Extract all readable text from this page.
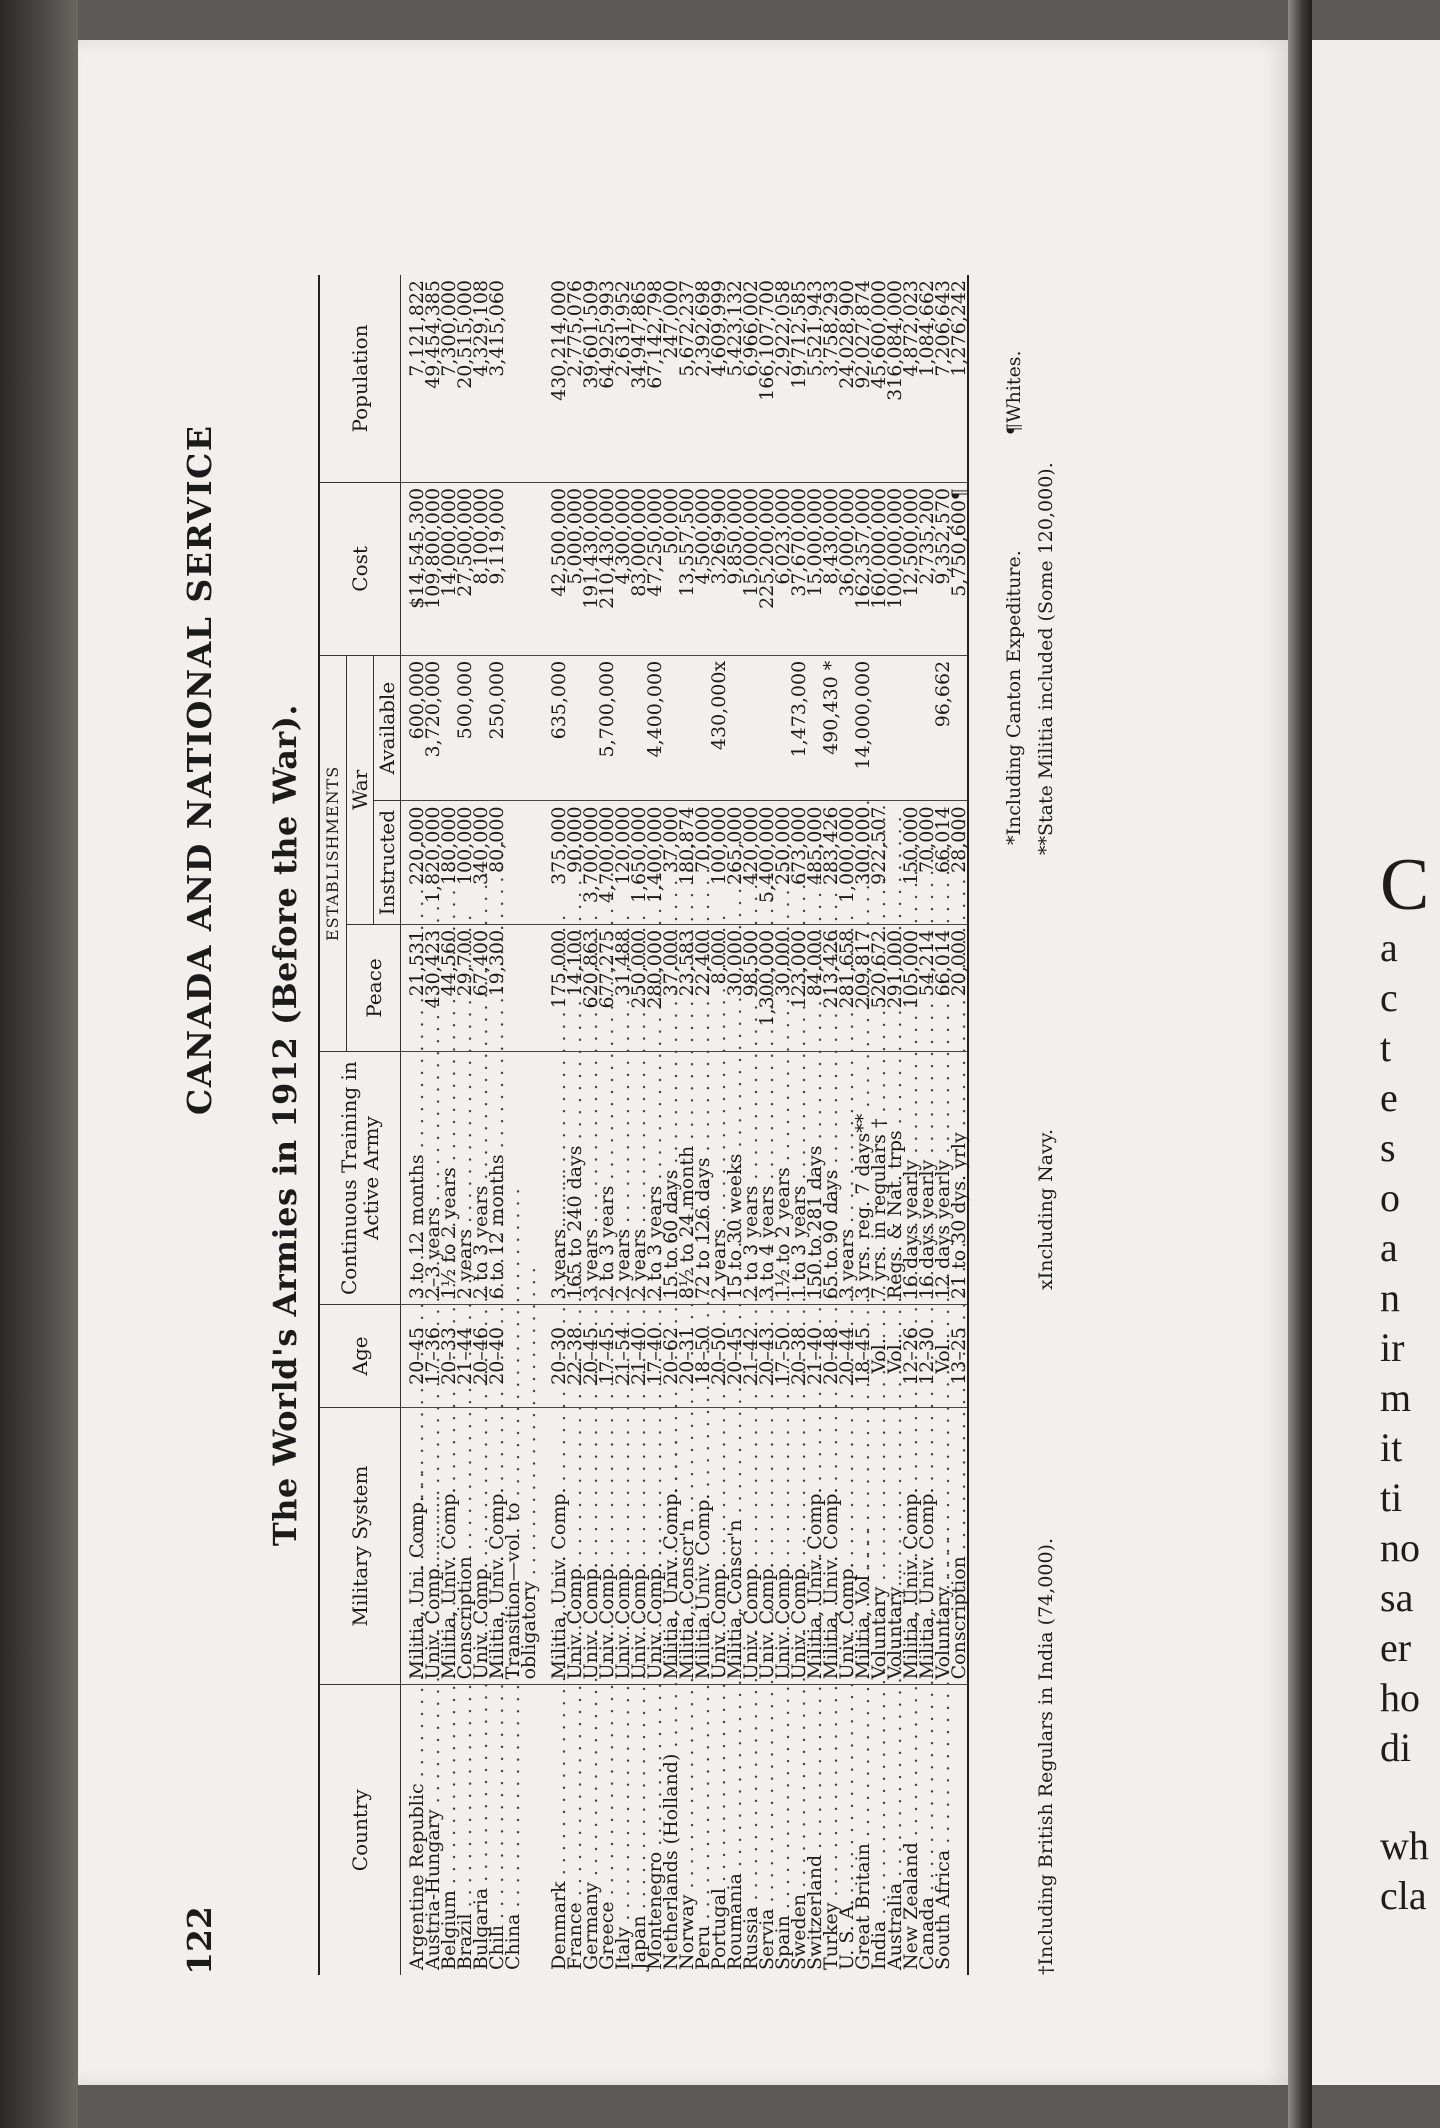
C
a
c
t
e
s
o
a
n
ir
m
it
ti
no
sa
er
ho
di
wh
cla
122
CANADA AND NATIONAL SERVICE	The World's Armies in 1912 (Before the War).
Country	Military System	Age	Continuous Training in Active Army	ESTABLISHMENTS			Cost	Population
				Peace	War			
					Instructed	Available		
Argentine Republic . . .	Militia, Uni. Comp. . . .	20–45	3 to 12 months . . .	21,531	220,000	600,000	$14,545,300	7,121,822
Austria-Hungary . . .	Univ. Comp. . . .	17–36	2–3 years . . .	430,423	1,820,000	3,720,000	109,800,000	49,454,385
Belgium . . .	Militia, Univ. Comp. . . .	20–33	1½ to 2 years . . .	44,560	180,000		14,000,000	7,300,000
Brazil . . .	Conscription . . .	21–44	2 years . . .	29,700	100,000	500,000	27,500,000	20,515,000
Bulgaria . . .	Univ. Comp. . . .	20–46	2 to 3 years . . .	67,400	340,000		8,100,000	4,329,108
Chili . . .	Militia, Univ. Comp. . . .	20–40	6 to 12 months . . .	19,300	80,000	250,000	9,119,000	3,415,060
China . . .	Transition—vol. to . . .							
	obligatory . . .							

Denmark . . .	Militia, Univ. Comp. . . .	20–30	3 years . . .	175,000	375,000	635,000	42,500,000	430,214,000
France . . .	Univ. Comp. . . .	22–38	165 to 240 days . . .	14,100	90,000		5,000,000	2,775,076
Germany . . .	Univ. Comp. . . .	20–45	3 years . . .	620,863	3,700,000		191,430,000	39,601,509
Greece . . .	Univ. Comp. . . .	17–45	2 to 3 years . . .	677,275	4,700,000	5,700,000	210,430,000	64,925,993
Italy . . .	Univ. Comp. . . .	21–54	2 years . . .	31,488	120,000		4,300,000	2,631,952
Japan . . .	Univ. Comp. . . .	21–40	2 years . . .	250,000	1,650,000		83,000,000	34,947,865
Montenegro . . .	Univ. Comp. . . .	17–40	2 to 3 years . . .	280,000	1,400,000	4,400,000	47,250,000	67,142,798
Netherlands (Holland) . . .	Militia, Univ. Comp. . . .	20–62	15 to 60 days . . .	37,000	37,000		50,000	247,000
Norway . . .	Militia, Conscr'n . . .	20–31	8½ to 24 month . . .	23,583	180,874		13,557,500	5,672,237
Peru . . .	Militia Univ. Comp. . . .	18–50	72 to 126 days . . .	22,400	70,000		4,500,000	2,392,698
Portugal . . .	Univ. Comp. . . .	20–50	2 years . . .	8,000	100,000	430,000x	3,269,900	4,609,999
Roumania . . .	Militia, Conscr'n . . .	20–45	15 to 30 weeks . . .	30,000	265,000		9,850,000	5,423,132
Russia . . .	Univ. Comp. . . .	21–42	2 to 3 years . . .	98,500	420,000		15,000,000	6,966,002
Servia . . .	Univ. Comp. . . .	20–43	3 to 4 years . . .	1,300,000	5,400,000		225,200,000	166,107,700
Spain . . .	Univ. Comp. . . .	17–50	1½ to 2 years . . .	30,000	250,000		6,023,000	2,922,058
Sweden . . .	Univ. Comp. . . .	20–38	1 to 3 years . . .	123,000	673,000	1,473,000	37,670,000	19,712,585
Switzerland . . .	Militia, Univ. Comp. . . .	21–40	150 to 281 days . . .	84,000	485,000		15,000,000	5,521,943
Turkey . . .	Militia, Univ. Comp. . . .	20–48	65 to 90 days . . .	213,426	283,426	490,430 *	8,430,000	3,758,293
U. S. A. . . .	Univ. Comp. . . .	20–44	3 years . . .	281,658	1,000,000		36,000,000	24,028,900
Great Britain . . .	Militia, Vol . . .	18–45	3 yrs. reg. 7 days** . . .	209,817	300,000	14,000,000	162,357,000	92,027,874
India . . .	Voluntary . . .	Vol.	7 yrs. in regulars † . . .	520,672	922,507		160,000,000	45,600,000
Australia . . .	Voluntary . . .	Vol.	Regs. & Nat. trps . . .	291,000			100,000,000	316,084,000
New Zealand . . .	Militia, Univ. Comp. . . .	12–26	16 days yearly . . .	105,000	150,000		12,500,000	4,872,023
Canada . . .	Militia, Univ. Comp. . . .	12–30	16 days yearly . . .	54,214	70,000		2,735,200	1,084,662
South Africa . . .	Voluntary . . .	Vol.	12 days yearly . . .	66,014	66,014	96,662	9,352,570	7,206,643
	Conscription . . .	13–25	21 to 30 dys. yrly . . .	20,000	28,000		5,750,600¶	1,276,242
†Including British Regulars in India (74,000).
xIncluding Navy.
*Including Canton Expediture.
¶Whites.
**State Militia included (Some 120,000).
